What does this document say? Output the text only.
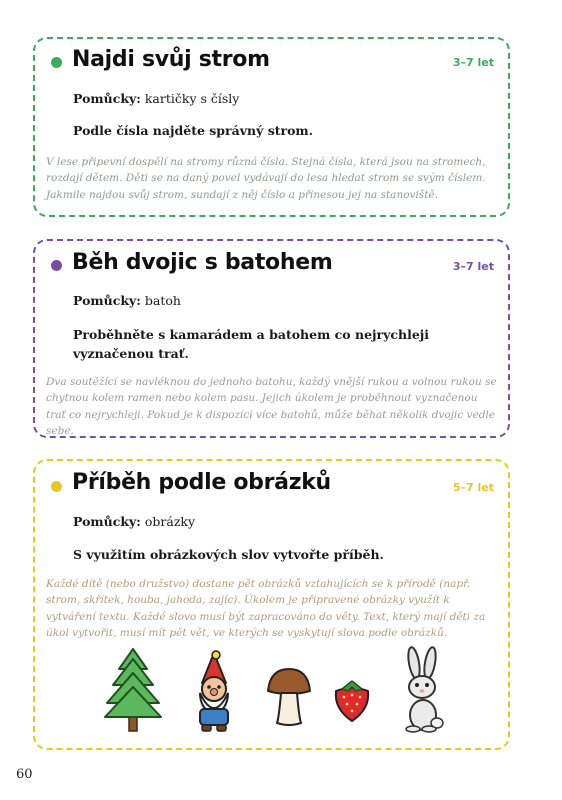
Najdi svůj strom	3–7 let
Pomůcky: kartičky s čísly
Podle čísla najděte správný strom.
V lese připevní dospělí na stromy různá čísla. Stejná čísla, která jsou na stromech, rozdají dětem. Děti se na daný povel vydávají do lesa hledat strom se svým číslem. Jakmile najdou svůj strom, sundají z něj číslo a přinesou jej na stanoviště.
Běh dvojic s batohem	3–7 let
Pomůcky: batoh
Proběhněte s kamarádem a batohem co nejrychleji vyznačenou trať.
Dva soutěžící se navléknou do jednoho batohu, každý vnější rukou a volnou rukou se chytnou kolem ramen nebo kolem pasu. Jejich úkolem je proběhnout vyznačenou trať co nejrychleji. Pokud je k dispozici více batohů, může běhat několik dvojic vedle sebe.
Příběh podle obrázků	5–7 let
Pomůcky: obrázky
S využitím obrázkových slov vytvořte příběh.
Každé dítě (nebo družstvo) dostane pět obrázků vztahujících se k přírodě (např. strom, skřítek, houba, jahoda, zajíc). Úkolem je připravené obrázky využít k vytváření textu. Každé slovo musí být zapracováno do věty. Text, který mají děti za úkol vytvořit, musí mít pět vět, ve kterých se vyskytují slova podle obrázků.
60
